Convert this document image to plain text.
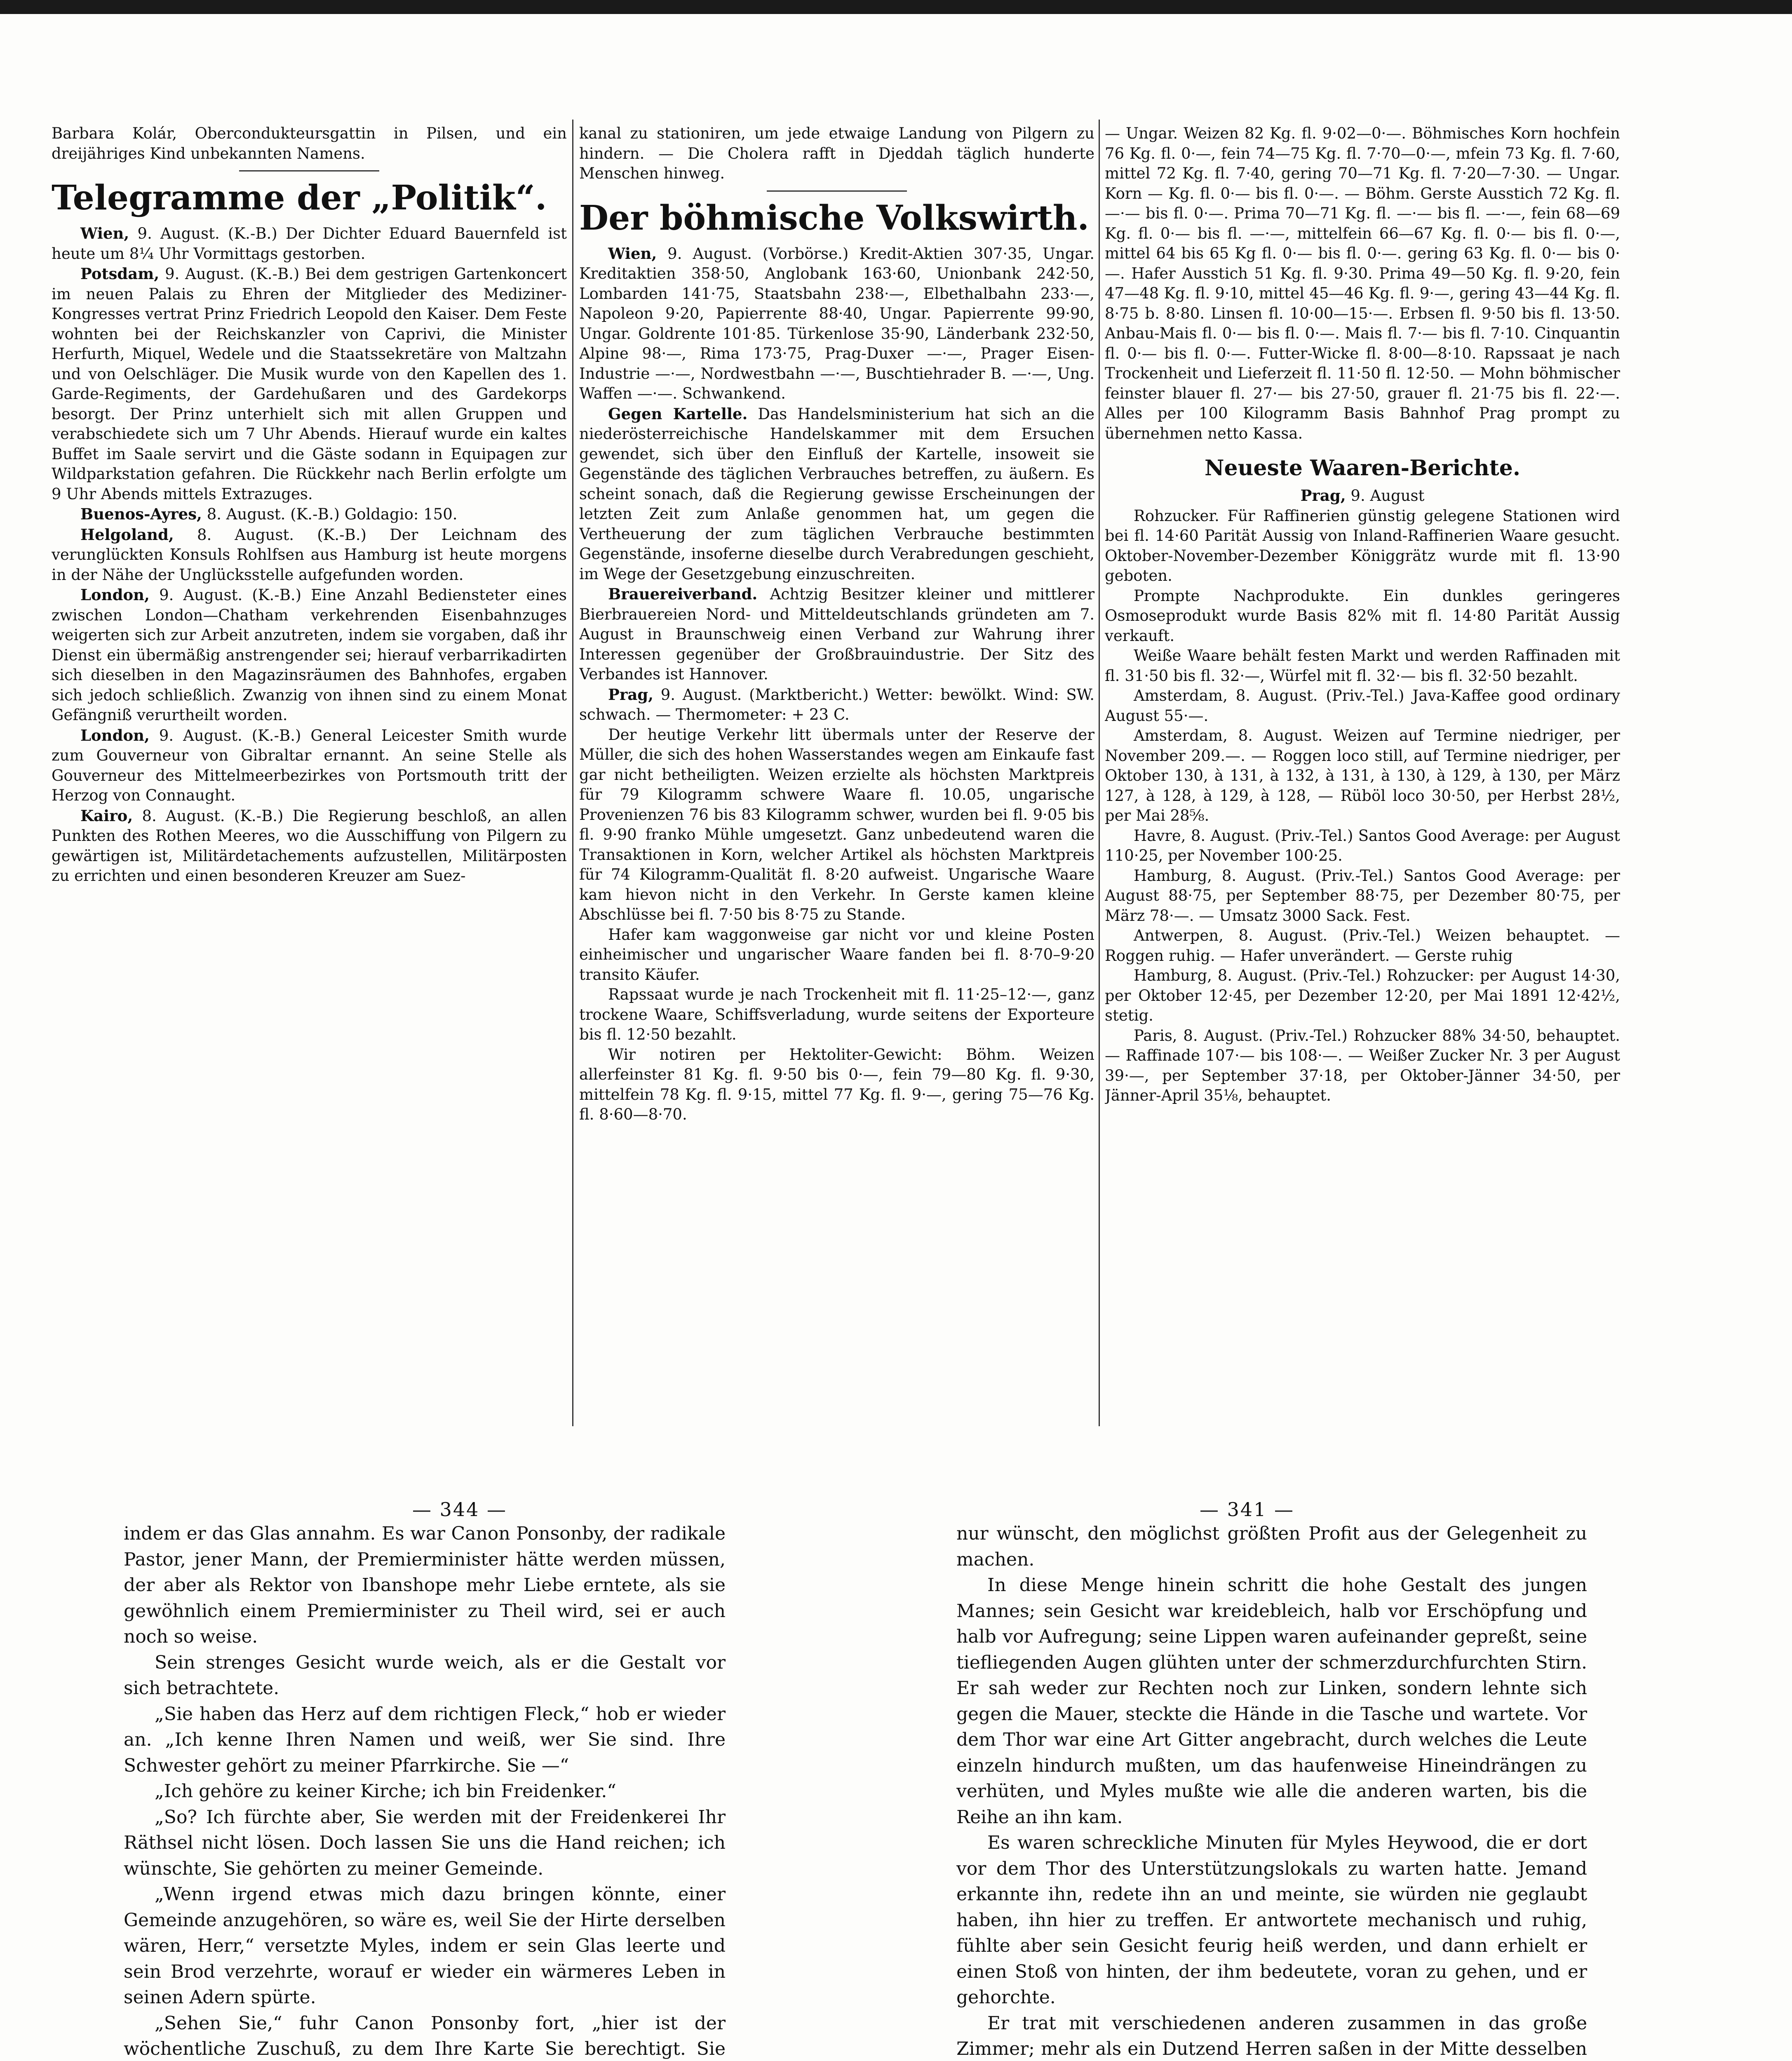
Barbara Kolár, Obercondukteursgattin in Pilsen, und ein dreijähriges Kind unbekannten Namens.

Telegramme der „Politik“.

Wien, 9. August. (K.-B.) Der Dichter Eduard Bauernfeld ist heute um 8¼ Uhr Vormittags gestorben.

Potsdam, 9. August. (K.-B.) Bei dem gestrigen Gartenkoncert im neuen Palais zu Ehren der Mitglieder des Mediziner-Kongresses vertrat Prinz Friedrich Leopold den Kaiser. Dem Feste wohnten bei der Reichskanzler von Caprivi, die Minister Herfurth, Miquel, Wedele und die Staatssekretäre von Maltzahn und von Oelschläger. Die Musik wurde von den Kapellen des 1. Garde-Regiments, der Gardehußaren und des Gardekorps besorgt. Der Prinz unterhielt sich mit allen Gruppen und verabschiedete sich um 7 Uhr Abends. Hierauf wurde ein kaltes Buffet im Saale servirt und die Gäste sodann in Equipagen zur Wildparkstation gefahren. Die Rückkehr nach Berlin erfolgte um 9 Uhr Abends mittels Extrazuges.

Buenos-Ayres, 8. August. (K.-B.) Goldagio: 150.

Helgoland, 8. August. (K.-B.) Der Leichnam des verunglückten Konsuls Rohlfsen aus Hamburg ist heute morgens in der Nähe der Unglücksstelle aufgefunden worden.

London, 9. August. (K.-B.) Eine Anzahl Bediensteter eines zwischen London—Chatham verkehrenden Eisenbahnzuges weigerten sich zur Arbeit anzutreten, indem sie vorgaben, daß ihr Dienst ein übermäßig anstrengender sei; hierauf verbarrikadirten sich dieselben in den Magazinsräumen des Bahnhofes, ergaben sich jedoch schließlich. Zwanzig von ihnen sind zu einem Monat Gefängniß verurtheilt worden.

London, 9. August. (K.-B.) General Leicester Smith wurde zum Gouverneur von Gibraltar ernannt. An seine Stelle als Gouverneur des Mittelmeerbezirkes von Portsmouth tritt der Herzog von Connaught.

Kairo, 8. August. (K.-B.) Die Regierung beschloß, an allen Punkten des Rothen Meeres, wo die Ausschiffung von Pilgern zu gewärtigen ist, Militärdetachements aufzustellen, Militärposten zu errichten und einen besonderen Kreuzer am Suez-

kanal zu stationiren, um jede etwaige Landung von Pilgern zu hindern. — Die Cholera rafft in Djeddah täglich hunderte Menschen hinweg.

Der böhmische Volkswirth.

Wien, 9. August. (Vorbörse.) Kredit-Aktien 307·35, Ungar. Kreditaktien 358·50, Anglobank 163·60, Unionbank 242·50, Lombarden 141·75, Staatsbahn 238·—, Elbethalbahn 233·—, Napoleon 9·20, Papierrente 88·40, Ungar. Papierrente 99·90, Ungar. Goldrente 101·85. Türkenlose 35·90, Länderbank 232·50, Alpine 98·—, Rima 173·75, Prag-Duxer —·—, Prager Eisen-Industrie —·—, Nordwestbahn —·—, Buschtiehrader B. —·—, Ung. Waffen —·—. Schwankend.

Gegen Kartelle. Das Handelsministerium hat sich an die niederösterreichische Handelskammer mit dem Ersuchen gewendet, sich über den Einfluß der Kartelle, insoweit sie Gegenstände des täglichen Verbrauches betreffen, zu äußern. Es scheint sonach, daß die Regierung gewisse Erscheinungen der letzten Zeit zum Anlaße genommen hat, um gegen die Vertheuerung der zum täglichen Verbrauche bestimmten Gegenstände, insoferne dieselbe durch Verabredungen geschieht, im Wege der Gesetzgebung einzuschreiten.

Brauereiverband. Achtzig Besitzer kleiner und mittlerer Bierbrauereien Nord- und Mitteldeutschlands gründeten am 7. August in Braunschweig einen Verband zur Wahrung ihrer Interessen gegenüber der Großbrauindustrie. Der Sitz des Verbandes ist Hannover.

Prag, 9. August. (Marktbericht.) Wetter: bewölkt. Wind: SW. schwach. — Thermometer: + 23 C.

Der heutige Verkehr litt übermals unter der Reserve der Müller, die sich des hohen Wasserstandes wegen am Einkaufe fast gar nicht betheiligten. Weizen erzielte als höchsten Marktpreis für 79 Kilogramm schwere Waare fl. 10.05, ungarische Provenienzen 76 bis 83 Kilogramm schwer, wurden bei fl. 9·05 bis fl. 9·90 franko Mühle umgesetzt. Ganz unbedeutend waren die Transaktionen in Korn, welcher Artikel als höchsten Marktpreis für 74 Kilogramm-Qualität fl. 8·20 aufweist. Ungarische Waare kam hievon nicht in den Verkehr. In Gerste kamen kleine Abschlüsse bei fl. 7·50 bis 8·75 zu Stande.

Hafer kam waggonweise gar nicht vor und kleine Posten einheimischer und ungarischer Waare fanden bei fl. 8·70–9·20 transito Käufer.

Rapssaat wurde je nach Trockenheit mit fl. 11·25–12·—, ganz trockene Waare, Schiffsverladung, wurde seitens der Exporteure bis fl. 12·50 bezahlt.

Wir notiren per Hektoliter-Gewicht: Böhm. Weizen allerfeinster 81 Kg. fl. 9·50 bis 0·—, fein 79—80 Kg. fl. 9·30, mittelfein 78 Kg. fl. 9·15, mittel 77 Kg. fl. 9·—, gering 75—76 Kg. fl. 8·60—8·70.

— Ungar. Weizen 82 Kg. fl. 9·02—0·—. Böhmisches Korn hochfein 76 Kg. fl. 0·—, fein 74—75 Kg. fl. 7·70—0·—, mfein 73 Kg. fl. 7·60, mittel 72 Kg. fl. 7·40, gering 70—71 Kg. fl. 7·20—7·30. — Ungar. Korn — Kg. fl. 0·— bis fl. 0·—. — Böhm. Gerste Ausstich 72 Kg. fl. —·— bis fl. 0·—. Prima 70—71 Kg. fl. —·— bis fl. —·—, fein 68—69 Kg. fl. 0·— bis fl. —·—, mittelfein 66—67 Kg. fl. 0·— bis fl. 0·—, mittel 64 bis 65 Kg fl. 0·— bis fl. 0·—. gering 63 Kg. fl. 0·— bis 0·—. Hafer Ausstich 51 Kg. fl. 9·30. Prima 49—50 Kg. fl. 9·20, fein 47—48 Kg. fl. 9·10, mittel 45—46 Kg. fl. 9·—, gering 43—44 Kg. fl. 8·75 b. 8·80. Linsen fl. 10·00—15·—. Erbsen fl. 9·50 bis fl. 13·50. Anbau-Mais fl. 0·— bis fl. 0·—. Mais fl. 7·— bis fl. 7·10. Cinquantin fl. 0·— bis fl. 0·—. Futter-Wicke fl. 8·00—8·10. Rapssaat je nach Trockenheit und Lieferzeit fl. 11·50 fl. 12·50. — Mohn böhmischer feinster blauer fl. 27·— bis 27·50, grauer fl. 21·75 bis fl. 22·—. Alles per 100 Kilogramm Basis Bahnhof Prag prompt zu übernehmen netto Kassa.

Neueste Waaren-Berichte.

Prag, 9. August

Rohzucker. Für Raffinerien günstig gelegene Stationen wird bei fl. 14·60 Parität Aussig von Inland-Raffinerien Waare gesucht. Oktober-November-Dezember Königgrätz wurde mit fl. 13·90 geboten.

Prompte Nachprodukte. Ein dunkles geringeres Osmoseprodukt wurde Basis 82% mit fl. 14·80 Parität Aussig verkauft.

Weiße Waare behält festen Markt und werden Raffinaden mit fl. 31·50 bis fl. 32·—, Würfel mit fl. 32·— bis fl. 32·50 bezahlt.

Amsterdam, 8. August. (Priv.-Tel.) Java-Kaffee good ordinary August 55·—.

Amsterdam, 8. August. Weizen auf Termine niedriger, per November 209.—. — Roggen loco still, auf Termine niedriger, per Oktober 130, à 131, à 132, à 131, à 130, à 129, à 130, per März 127, à 128, à 129, à 128, — Rüböl loco 30·50, per Herbst 28½, per Mai 28⅝.

Havre, 8. August. (Priv.-Tel.) Santos Good Average: per August 110·25, per November 100·25.

Hamburg, 8. August. (Priv.-Tel.) Santos Good Average: per August 88·75, per September 88·75, per Dezember 80·75, per März 78·—. — Umsatz 3000 Sack. Fest.

Antwerpen, 8. August. (Priv.-Tel.) Weizen behauptet. — Roggen ruhig. — Hafer unverändert. — Gerste ruhig

Hamburg, 8. August. (Priv.-Tel.) Rohzucker: per August 14·30, per Oktober 12·45, per Dezember 12·20, per Mai 1891 12·42½, stetig.

Paris, 8. August. (Priv.-Tel.) Rohzucker 88% 34·50, behauptet. — Raffinade 107·— bis 108·—. — Weißer Zucker Nr. 3 per August 39·—, per September 37·18, per Oktober-Jänner 34·50, per Jänner-April 35⅛, behauptet.

— 344 —	— 341 —

indem er das Glas annahm. Es war Canon Ponsonby, der radikale Pastor, jener Mann, der Premierminister hätte werden müssen, der aber als Rektor von Ibanshope mehr Liebe erntete, als sie gewöhnlich einem Premierminister zu Theil wird, sei er auch noch so weise.

Sein strenges Gesicht wurde weich, als er die Gestalt vor sich betrachtete.

„Sie haben das Herz auf dem richtigen Fleck,“ hob er wieder an. „Ich kenne Ihren Namen und weiß, wer Sie sind. Ihre Schwester gehört zu meiner Pfarrkirche. Sie —“

„Ich gehöre zu keiner Kirche; ich bin Freidenker.“

„So? Ich fürchte aber, Sie werden mit der Freidenkerei Ihr Räthsel nicht lösen. Doch lassen Sie uns die Hand reichen; ich wünschte, Sie gehörten zu meiner Gemeinde.

„Wenn irgend etwas mich dazu bringen könnte, einer Gemeinde anzugehören, so wäre es, weil Sie der Hirte derselben wären, Herr,“ versetzte Myles, indem er sein Glas leerte und sein Brod verzehrte, worauf er wieder ein wärmeres Leben in seinen Adern spürte.

„Sehen Sie,“ fuhr Canon Ponsonby fort, „hier ist der wöchentliche Zuschuß, zu dem Ihre Karte Sie berechtigt. Sie

nur wünscht, den möglichst größten Profit aus der Gelegenheit zu machen.

In diese Menge hinein schritt die hohe Gestalt des jungen Mannes; sein Gesicht war kreidebleich, halb vor Erschöpfung und halb vor Aufregung; seine Lippen waren aufeinander gepreßt, seine tiefliegenden Augen glühten unter der schmerzdurchfurchten Stirn. Er sah weder zur Rechten noch zur Linken, sondern lehnte sich gegen die Mauer, steckte die Hände in die Tasche und wartete. Vor dem Thor war eine Art Gitter angebracht, durch welches die Leute einzeln hindurch mußten, um das haufenweise Hineindrängen zu verhüten, und Myles mußte wie alle die anderen warten, bis die Reihe an ihn kam.

Es waren schreckliche Minuten für Myles Heywood, die er dort vor dem Thor des Unterstützungslokals zu warten hatte. Jemand erkannte ihn, redete ihn an und meinte, sie würden nie geglaubt haben, ihn hier zu treffen. Er antwortete mechanisch und ruhig, fühlte aber sein Gesicht feurig heiß werden, und dann erhielt er einen Stoß von hinten, der ihm bedeutete, voran zu gehen, und er gehorchte.

Er trat mit verschiedenen anderen zusammen in das große Zimmer; mehr als ein Dutzend Herren saßen in der Mitte desselben
